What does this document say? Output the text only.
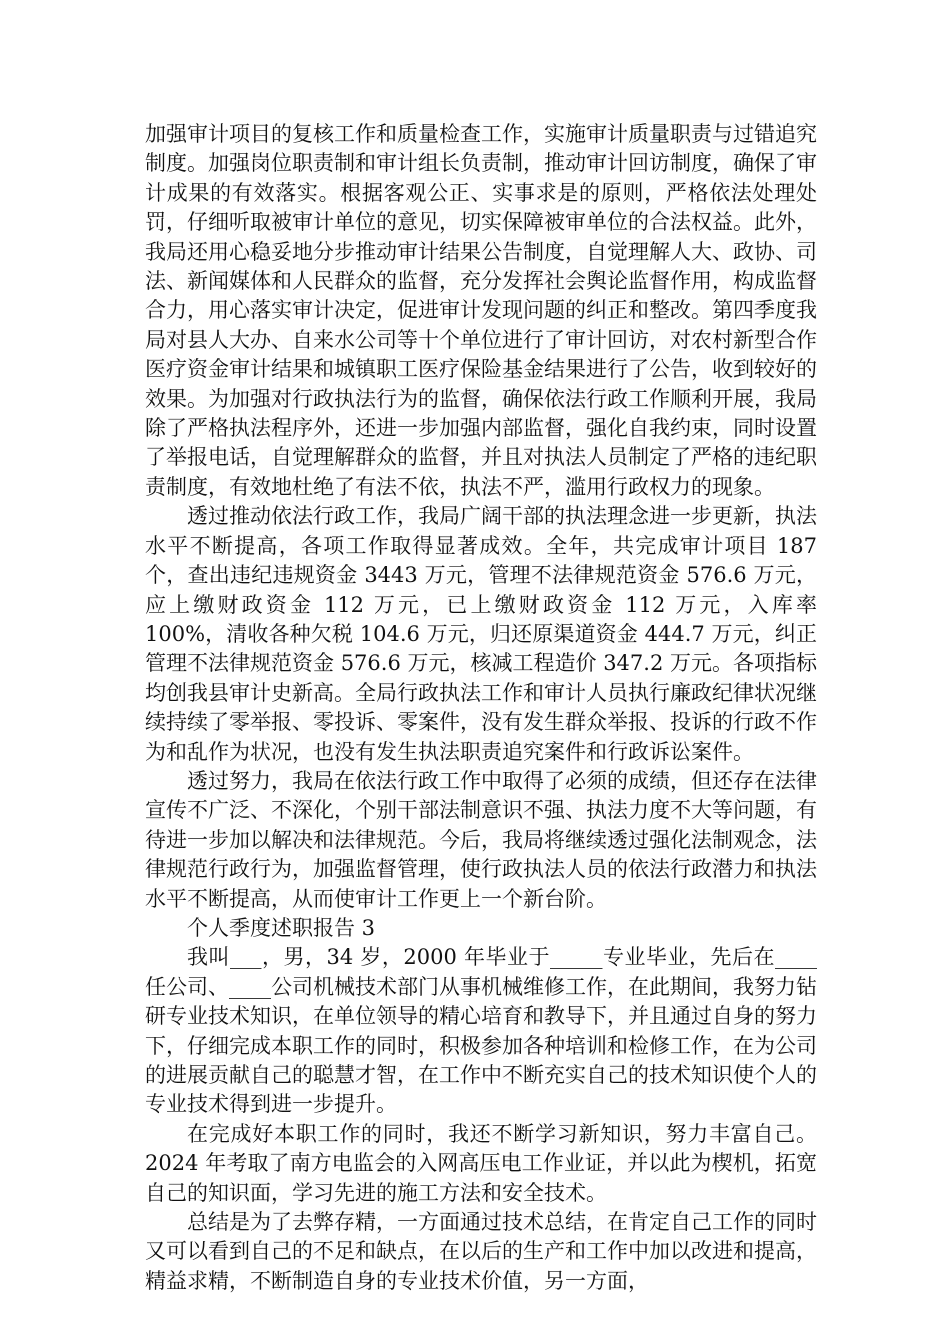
加强审计项目的复核工作和质量检查工作，实施审计质量职责与过错追究制度。加强岗位职责制和审计组长负责制，推动审计回访制度，确保了审计成果的有效落实。根据客观公正、实事求是的原则，严格依法处理处罚，仔细听取被审计单位的意见，切实保障被审单位的合法权益。此外，我局还用心稳妥地分步推动审计结果公告制度，自觉理解人大、政协、司法、新闻媒体和人民群众的监督，充分发挥社会舆论监督作用，构成监督合力，用心落实审计决定，促进审计发现问题的纠正和整改。第四季度我局对县人大办、自来水公司等十个单位进行了审计回访，对农村新型合作医疗资金审计结果和城镇职工医疗保险基金结果进行了公告，收到较好的效果。为加强对行政执法行为的监督，确保依法行政工作顺利开展，我局除了严格执法程序外，还进一步加强内部监督，强化自我约束，同时设置了举报电话，自觉理解群众的监督，并且对执法人员制定了严格的违纪职责制度，有效地杜绝了有法不依，执法不严，滥用行政权力的现象。

透过推动依法行政工作，我局广阔干部的执法理念进一步更新，执法水平不断提高，各项工作取得显著成效。全年，共完成审计项目 187 个，查出违纪违规资金 3443 万元，管理不法律规范资金 576.6 万元，应上缴财政资金 112 万元，已上缴财政资金 112 万元，入库率 100%，清收各种欠税 104.6 万元，归还原渠道资金 444.7 万元，纠正管理不法律规范资金 576.6 万元，核减工程造价 347.2 万元。各项指标均创我县审计史新高。全局行政执法工作和审计人员执行廉政纪律状况继续持续了零举报、零投诉、零案件，没有发生群众举报、投诉的行政不作为和乱作为状况，也没有发生执法职责追究案件和行政诉讼案件。

透过努力，我局在依法行政工作中取得了必须的成绩，但还存在法律宣传不广泛、不深化，个别干部法制意识不强、执法力度不大等问题，有待进一步加以解决和法律规范。今后，我局将继续透过强化法制观念，法律规范行政行为，加强监督管理，使行政执法人员的依法行政潜力和执法水平不断提高，从而使审计工作更上一个新台阶。

个人季度述职报告 3

我叫___，男，34 岁，2000 年毕业于_____专业毕业，先后在____任公司、____公司机械技术部门从事机械维修工作，在此期间，我努力钻研专业技术知识，在单位领导的精心培育和教导下，并且通过自身的努力下，仔细完成本职工作的同时，积极参加各种培训和检修工作，在为公司的进展贡献自己的聪慧才智，在工作中不断充实自己的技术知识使个人的专业技术得到进一步提升。

在完成好本职工作的同时，我还不断学习新知识，努力丰富自己。2024 年考取了南方电监会的入网高压电工作业证，并以此为楔机，拓宽自己的知识面，学习先进的施工方法和安全技术。

总结是为了去弊存精，一方面通过技术总结，在肯定自己工作的同时又可以看到自己的不足和缺点，在以后的生产和工作中加以改进和提高，精益求精，不断制造自身的专业技术价值，另一方面，
